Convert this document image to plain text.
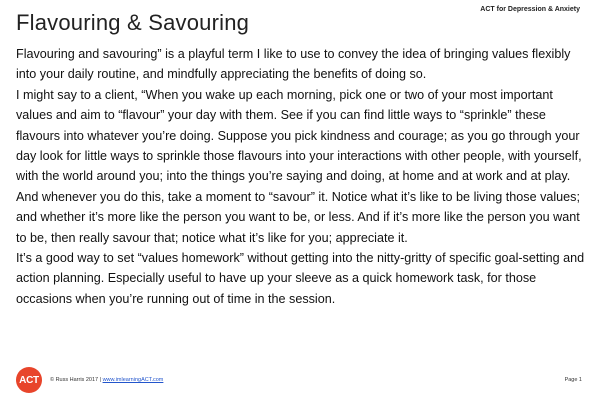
Flavouring & Savouring
ACT for Depression & Anxiety

Flavouring and savouring” is a playful term I like to use to convey the idea of bringing values flexibly into your daily routine, and mindfully appreciating the benefits of doing so.

I might say to a client, “When you wake up each morning, pick one or two of your most important values and aim to “flavour” your day with them. See if you can find little ways to “sprinkle” these flavours into whatever you’re doing. Suppose you pick kindness and courage; as you go through your day look for little ways to sprinkle those flavours into your interactions with other people, with yourself, with the world around you; into the things you’re saying and doing, at home and at work and at play.

And whenever you do this, take a moment to “savour” it. Notice what it’s like to be living those values; and whether it’s more like the person you want to be, or less. And if it’s more like the person you want to be, then really savour that; notice what it’s like for you; appreciate it.

It’s a good way to set “values homework” without getting into the nitty-gritty of specific goal-setting and action planning. Especially useful to have up your sleeve as a quick homework task, for those occasions when you’re running out of time in the session.

ACT © Russ Harris 2017 | www.imlearningACT.com	Page 1
